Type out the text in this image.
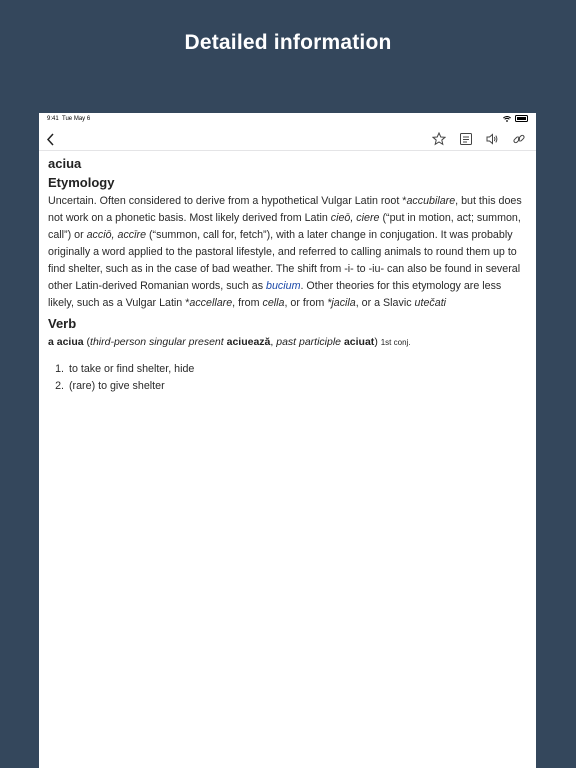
Detailed information
9:41 Tue May 6
aciua
Etymology

Uncertain. Often considered to derive from a hypothetical Vulgar Latin root *accubilare, but this does not work on a phonetic basis. Most likely derived from Latin cieō, ciere (“put in motion, act; summon, call”) or acciō, accīre (“summon, call for, fetch”), with a later change in conjugation. It was probably originally a word applied to the pastoral lifestyle, and referred to calling animals to round them up to find shelter, such as in the case of bad weather. The shift from -i- to -iu- can also be found in several other Latin-derived Romanian words, such as bucium. Other theories for this etymology are less likely, such as a Vulgar Latin *accellare, from cella, or from *jacila, or a Slavic utečati

Verb
a aciua (third-person singular present aciuează, past participle aciuat) 1st conj.
1. to take or find shelter, hide
2. (rare) to give shelter
